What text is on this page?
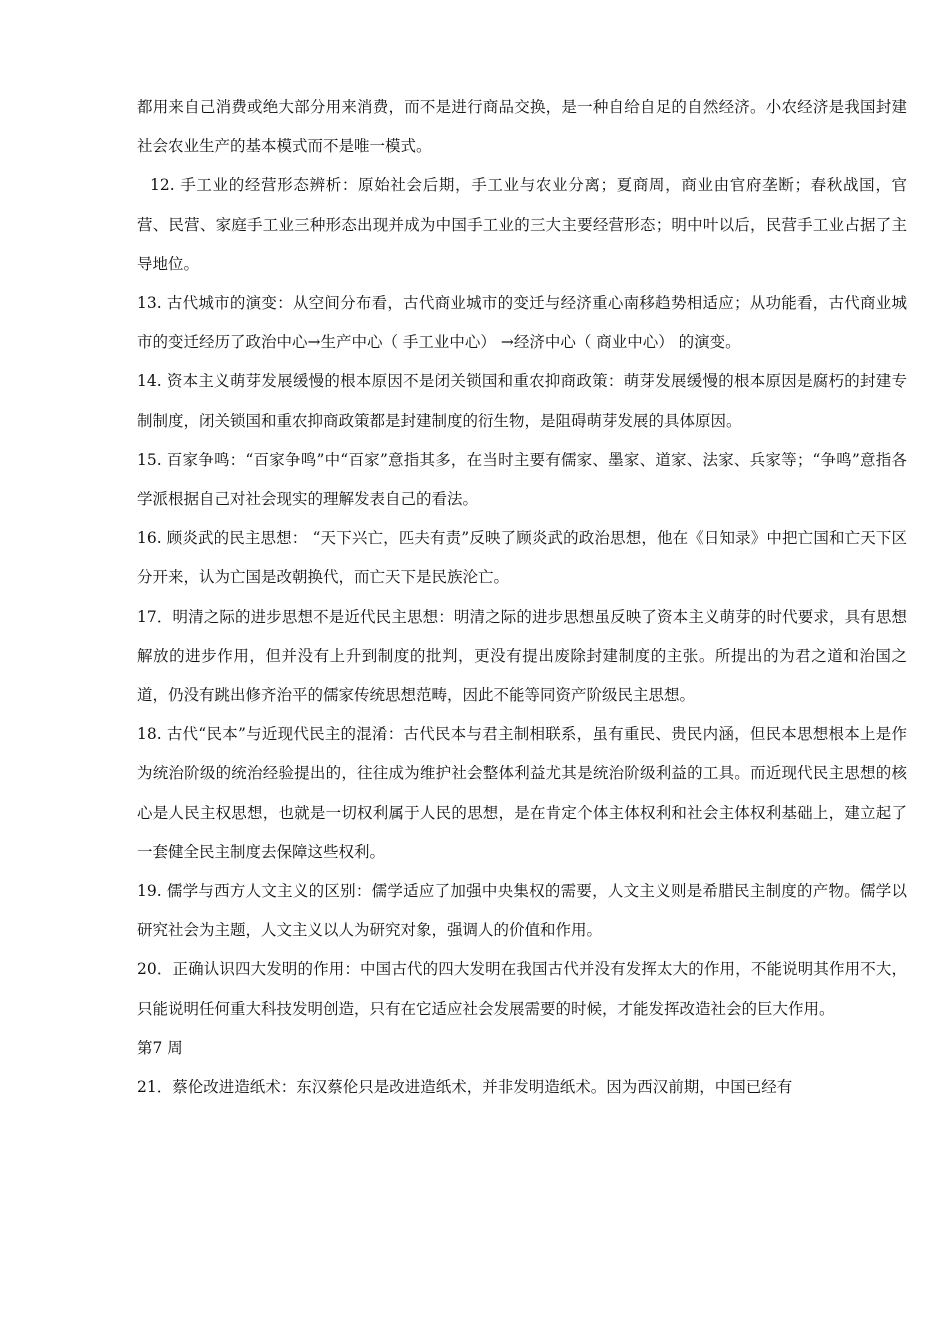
都用来自己消费或绝大部分用来消费，而不是进行商品交换，是一种自给自足的自然经济。小农经济是我国封建社会农业生产的基本模式而不是唯一模式。

12. 手工业的经营形态辨析：原始社会后期，手工业与农业分离；夏商周，商业由官府垄断；春秋战国，官营、民营、家庭手工业三种形态出现并成为中国手工业的三大主要经营形态；明中叶以后，民营手工业占据了主导地位。

13. 古代城市的演变：从空间分布看，古代商业城市的变迁与经济重心南移趋势相适应；从功能看，古代商业城市的变迁经历了政治中心→生产中心（ 手工业中心） →经济中心（ 商业中心） 的演变。

14. 资本主义萌芽发展缓慢的根本原因不是闭关锁国和重农抑商政策：萌芽发展缓慢的根本原因是腐朽的封建专制制度，闭关锁国和重农抑商政策都是封建制度的衍生物，是阻碍萌芽发展的具体原因。

15. 百家争鸣：“百家争鸣”中“百家”意指其多，在当时主要有儒家、墨家、道家、法家、兵家等；“争鸣”意指各学派根据自己对社会现实的理解发表自己的看法。

16. 顾炎武的民主思想： “天下兴亡，匹夫有责”反映了顾炎武的政治思想，他在《日知录》中把亡国和亡天下区分开来，认为亡国是改朝换代，而亡天下是民族沦亡。

17．明清之际的进步思想不是近代民主思想：明清之际的进步思想虽反映了资本主义萌芽的时代要求，具有思想解放的进步作用，但并没有上升到制度的批判，更没有提出废除封建制度的主张。所提出的为君之道和治国之道，仍没有跳出修齐治平的儒家传统思想范畴，因此不能等同资产阶级民主思想。

18. 古代“民本”与近现代民主的混淆：古代民本与君主制相联系，虽有重民、贵民内涵，但民本思想根本上是作为统治阶级的统治经验提出的，往往成为维护社会整体利益尤其是统治阶级利益的工具。而近现代民主思想的核心是人民主权思想，也就是一切权利属于人民的思想，是在肯定个体主体权利和社会主体权利基础上，建立起了一套健全民主制度去保障这些权利。

19. 儒学与西方人文主义的区别：儒学适应了加强中央集权的需要，人文主义则是希腊民主制度的产物。儒学以研究社会为主题，人文主义以人为研究对象，强调人的价值和作用。

20．正确认识四大发明的作用：中国古代的四大发明在我国古代并没有发挥太大的作用，不能说明其作用不大，只能说明任何重大科技发明创造，只有在它适应社会发展需要的时候，才能发挥改造社会的巨大作用。

第7 周

21．蔡伦改进造纸术：东汉蔡伦只是改进造纸术，并非发明造纸术。因为西汉前期，中国已经有
